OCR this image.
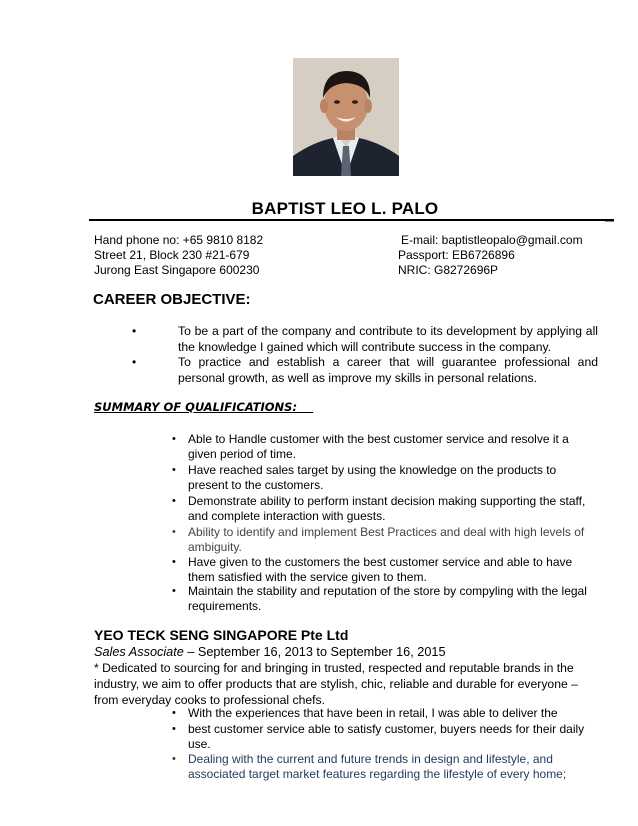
BAPTIST LEO L. PALO
Hand phone no: +65 9810 8182
Street 21, Block 230 #21-679
Jurong East Singapore 600230
E-mail: baptistleopalo@gmail.com
Passport: EB6726896
NRIC: G8272696P
CAREER OBJECTIVE:
•	To be a part of the company and contribute to its development by applying all the knowledge I gained which will contribute success in the company.
•	To practice and establish a career that will guarantee professional and personal growth, as well as improve my skills in personal relations.
SUMMARY OF QUALIFICATIONS:
• Able to Handle customer with the best customer service and resolve it a given period of time.
• Have reached sales target by using the knowledge on the products to present to the customers.
• Demonstrate ability to perform instant decision making supporting the staff, and complete interaction with guests.
• Ability to identify and implement Best Practices and deal with high levels of ambiguity.
• Have given to the customers the best customer service and able to have them satisfied with the service given to them.
• Maintain the stability and reputation of the store by compyling with the legal requirements.
YEO TECK SENG SINGAPORE Pte Ltd
Sales Associate – September 16, 2013 to September 16, 2015
* Dedicated to sourcing for and bringing in trusted, respected and reputable brands in the industry, we aim to offer products that are stylish, chic, reliable and durable for everyone – from everyday cooks to professional chefs.
• With the experiences that have been in retail, I was able to deliver the
• best customer service able to satisfy customer, buyers needs for their daily use.
• Dealing with the current and future trends in design and lifestyle, and associated target market features regarding the lifestyle of every home;
